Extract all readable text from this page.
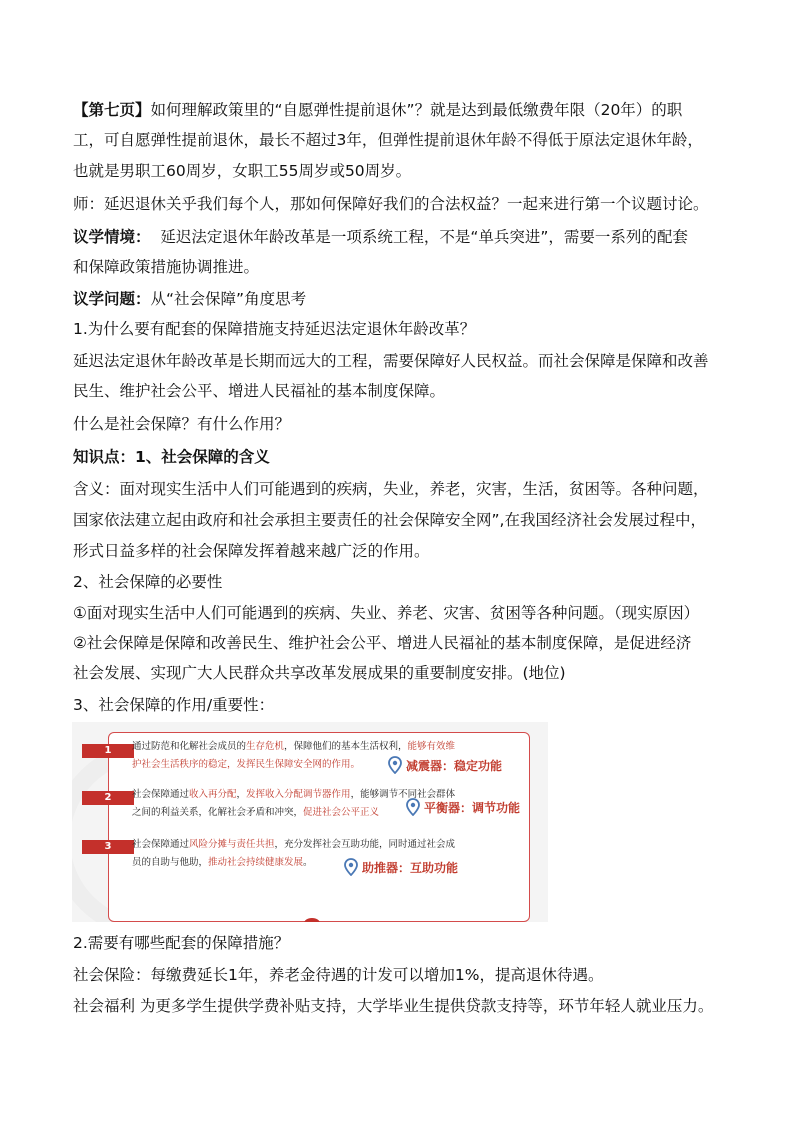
【第七页】如何理解政策里的“自愿弹性提前退休”？就是达到最低缴费年限（20年）的职
工，可自愿弹性提前退休，最长不超过3年，但弹性提前退休年龄不得低于原法定退休年龄，
也就是男职工60周岁，女职工55周岁或50周岁。
师：延迟退休关乎我们每个人，那如何保障好我们的合法权益？一起来进行第一个议题讨论。
议学情境：  延迟法定退休年龄改革是一项系统工程，不是“单兵突进”，需要一系列的配套
和保障政策措施协调推进。
议学问题：从“社会保障”角度思考
1.为什么要有配套的保障措施支持延迟法定退休年龄改革？
延迟法定退休年龄改革是长期而远大的工程，需要保障好人民权益。而社会保障是保障和改善
民生、维护社会公平、增进人民福祉的基本制度保障。
什么是社会保障？有什么作用？
知识点：1、社会保障的含义
含义：面对现实生活中人们可能遇到的疾病，失业，养老，灾害，生活，贫困等。各种问题，
国家依法建立起由政府和社会承担主要责任的社会保障安全网”,在我国经济社会发展过程中，
形式日益多样的社会保障发挥着越来越广泛的作用。
2、社会保障的必要性
①面对现实生活中人们可能遇到的疾病、失业、养老、灾害、贫困等各种问题。（现实原因）
②社会保障是保障和改善民生、维护社会公平、增进人民福祉的基本制度保障，是促进经济
社会发展、实现广大人民群众共享改革发展成果的重要制度安排。(地位)
3、社会保障的作用/重要性：
1	通过防范和化解社会成员的生存危机，保障他们的基本生活权利，能够有效维
护社会生活秩序的稳定，发挥民生保障安全网的作用。	减震器：稳定功能
2	社会保障通过收入再分配，发挥收入分配调节器作用，能够调节不同社会群体
之间的利益关系，化解社会矛盾和冲突，促进社会公平正义	平衡器：调节功能
3	社会保障通过风险分摊与责任共担，充分发挥社会互助功能，同时通过社会成
员的自助与他助，推动社会持续健康发展。	助推器：互助功能
2.需要有哪些配套的保障措施？
社会保险：每缴费延长1年，养老金待遇的计发可以增加1%，提高退休待遇。
社会福利 为更多学生提供学费补贴支持，大学毕业生提供贷款支持等，环节年轻人就业压力。
